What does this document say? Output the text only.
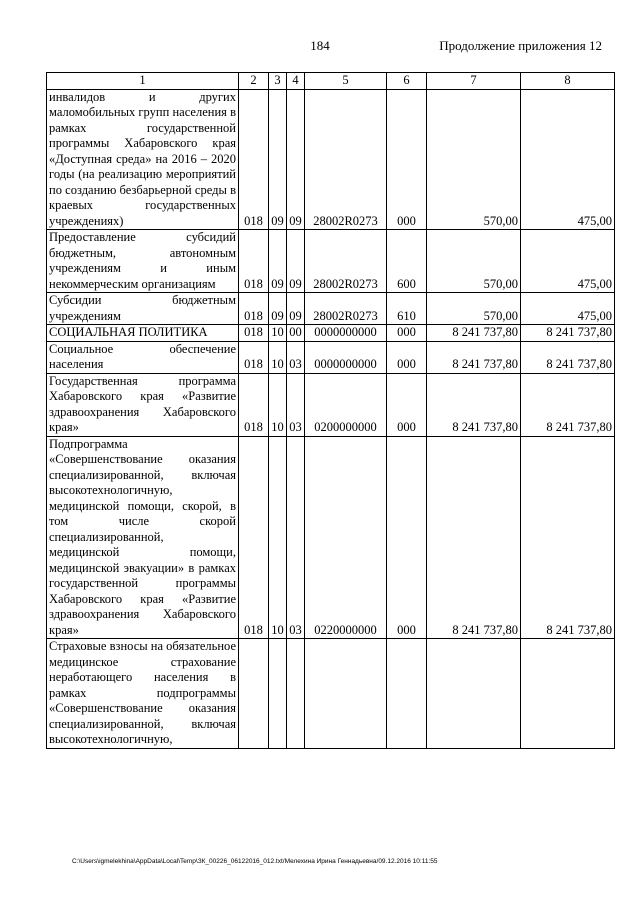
184	Продолжение приложения 12
1	2	3	4	5	6	7	8
инвалидов и других маломобильных групп населения в рамках государственной программы Хабаровского края «Доступная среда» на 2016 – 2020 годы (на реализацию мероприятий по созданию безбарьерной среды в краевых государственных учреждениях)	018	09	09	28002R0273	000	570,00	475,00
Предоставление субсидий бюджетным, автономным учреждениям и иным некоммерческим организациям	018	09	09	28002R0273	600	570,00	475,00
Субсидии бюджетным учреждениям	018	09	09	28002R0273	610	570,00	475,00
СОЦИАЛЬНАЯ ПОЛИТИКА	018	10	00	0000000000	000	8 241 737,80	8 241 737,80
Социальное обеспечение населения	018	10	03	0000000000	000	8 241 737,80	8 241 737,80
Государственная программа Хабаровского края «Развитие здравоохранения Хабаровского края»	018	10	03	0200000000	000	8 241 737,80	8 241 737,80
Подпрограмма «Совершенствование оказания специализированной, включая высокотехнологичную, медицинской помощи, скорой, в том числе скорой специализированной, медицинской помощи, медицинской эвакуации» в рамках государственной программы Хабаровского края «Развитие здравоохранения Хабаровского края»	018	10	03	0220000000	000	8 241 737,80	8 241 737,80
Страховые взносы на обязательное медицинское страхование неработающего населения в рамках подпрограммы «Совершенствование оказания специализированной, включая высокотехнологичную,							
C:\Users\igmelekhina\AppData\Local\Temp\ЗК_00226_06122016_012.txt/Мелехина Ирина Геннадьевна/09.12.2016 10:11:55
